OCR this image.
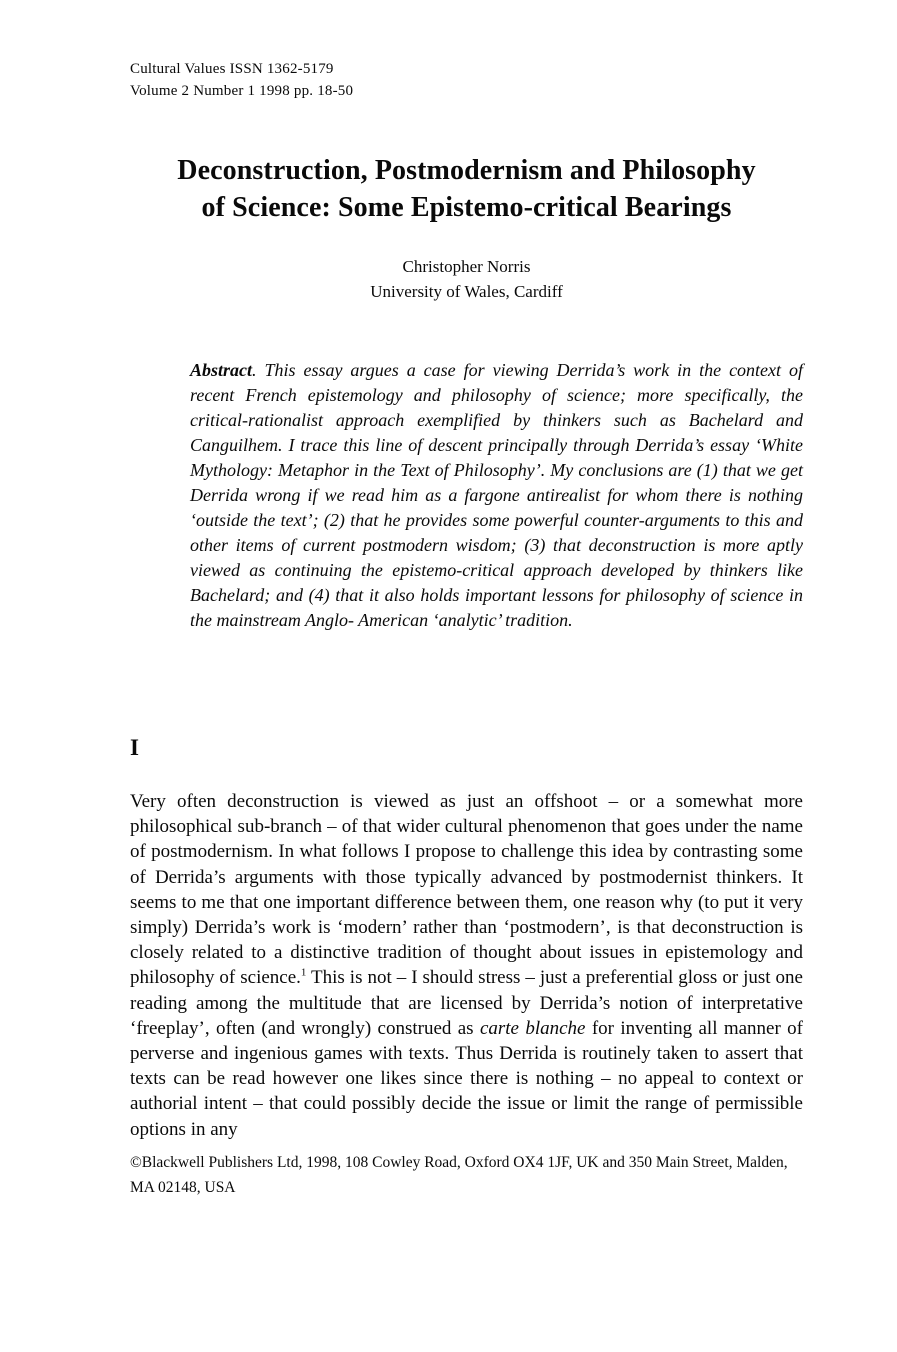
Cultural Values ISSN 1362-5179
Volume 2 Number 1 1998 pp. 18-50
Deconstruction, Postmodernism and Philosophy
of Science: Some Epistemo-critical Bearings
Christopher Norris
University of Wales, Cardiff

Abstract. This essay argues a case for viewing Derrida’s work in the context of recent French epistemology and philosophy of science; more specifically, the critical-rationalist approach exemplified by thinkers such as Bachelard and Canguilhem. I trace this line of descent principally through Derrida’s essay ‘White Mythology: Metaphor in the Text of Philosophy’. My conclusions are (1) that we get Derrida wrong if we read him as a fargone antirealist for whom there is nothing ‘outside the text’; (2) that he provides some powerful counter-arguments to this and other items of current postmodern wisdom; (3) that deconstruction is more aptly viewed as continuing the epistemo-critical approach developed by thinkers like Bachelard; and (4) that it also holds important lessons for philosophy of science in the mainstream Anglo- American ‘analytic’ tradition.

I

Very often deconstruction is viewed as just an offshoot – or a somewhat more philosophical sub-branch – of that wider cultural phenomenon that goes under the name of postmodernism. In what follows I propose to challenge this idea by contrasting some of Derrida’s arguments with those typically advanced by postmodernist thinkers. It seems to me that one important difference between them, one reason why (to put it very simply) Derrida’s work is ‘modern’ rather than ‘postmodern’, is that deconstruction is closely related to a distinctive tradition of thought about issues in epistemology and philosophy of science.$^1$ This is not – I should stress – just a preferential gloss or just one reading among the multitude that are licensed by Derrida’s notion of interpretative ‘freeplay’, often (and wrongly) construed as carte blanche for inventing all manner of perverse and ingenious games with texts. Thus Derrida is routinely taken to assert that texts can be read however one likes since there is nothing – no appeal to context or authorial intent – that could possibly decide the issue or limit the range of permissible options in any

©Blackwell Publishers Ltd, 1998, 108 Cowley Road, Oxford OX4 1JF, UK and 350 Main Street, Malden, MA 02148, USA
